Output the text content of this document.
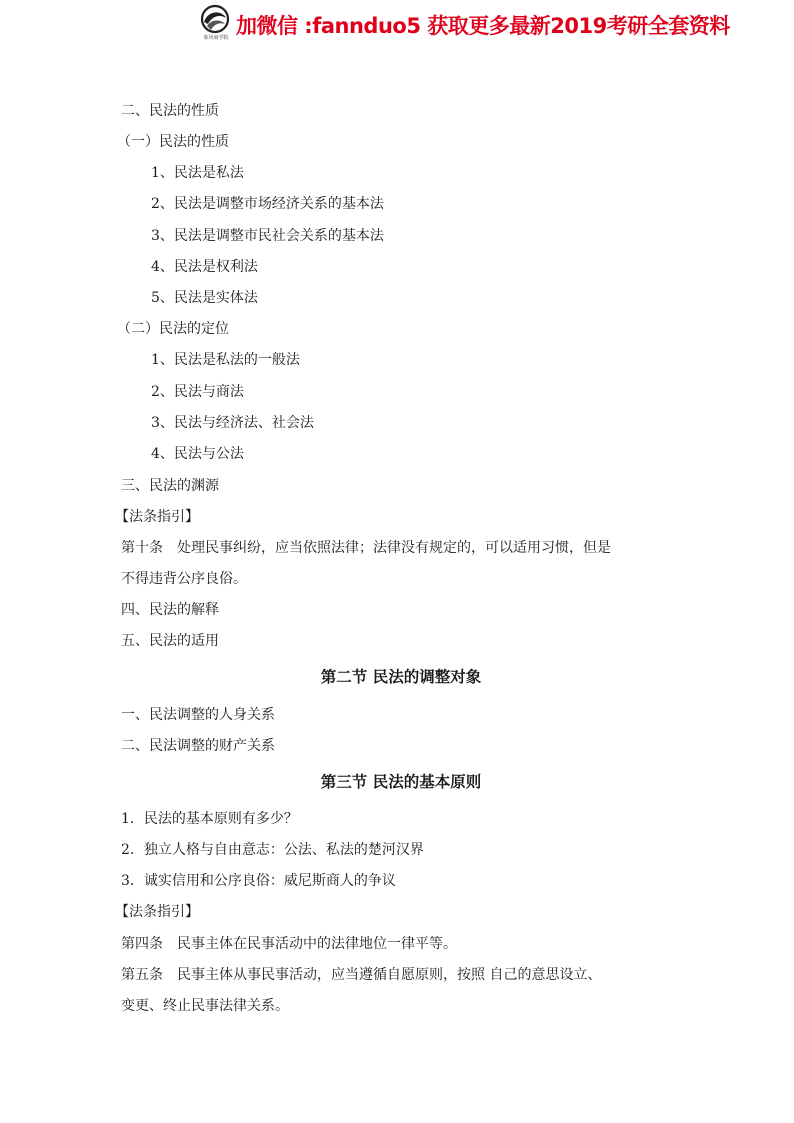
象风商学院 加微信 :fannduo5 获取更多最新2019考研全套资料
二、民法的性质
（一）民法的性质
1、民法是私法
2、民法是调整市场经济关系的基本法
3、民法是调整市民社会关系的基本法
4、民法是权利法
5、民法是实体法
（二）民法的定位
1、民法是私法的一般法
2、民法与商法
3、民法与经济法、社会法
4、民法与公法
三、民法的渊源
【法条指引】
第十条　处理民事纠纷，应当依照法律；法律没有规定的，可以适用习惯，但是
不得违背公序良俗。
四、民法的解释
五、民法的适用
第二节 民法的调整对象
一、民法调整的人身关系
二、民法调整的财产关系
第三节 民法的基本原则
1．民法的基本原则有多少？
2．独立人格与自由意志：公法、私法的楚河汉界
3．诚实信用和公序良俗：威尼斯商人的争议
【法条指引】
第四条　民事主体在民事活动中的法律地位一律平等。
第五条　民事主体从事民事活动，应当遵循自愿原则，按照 自己的意思设立、
变更、终止民事法律关系。
